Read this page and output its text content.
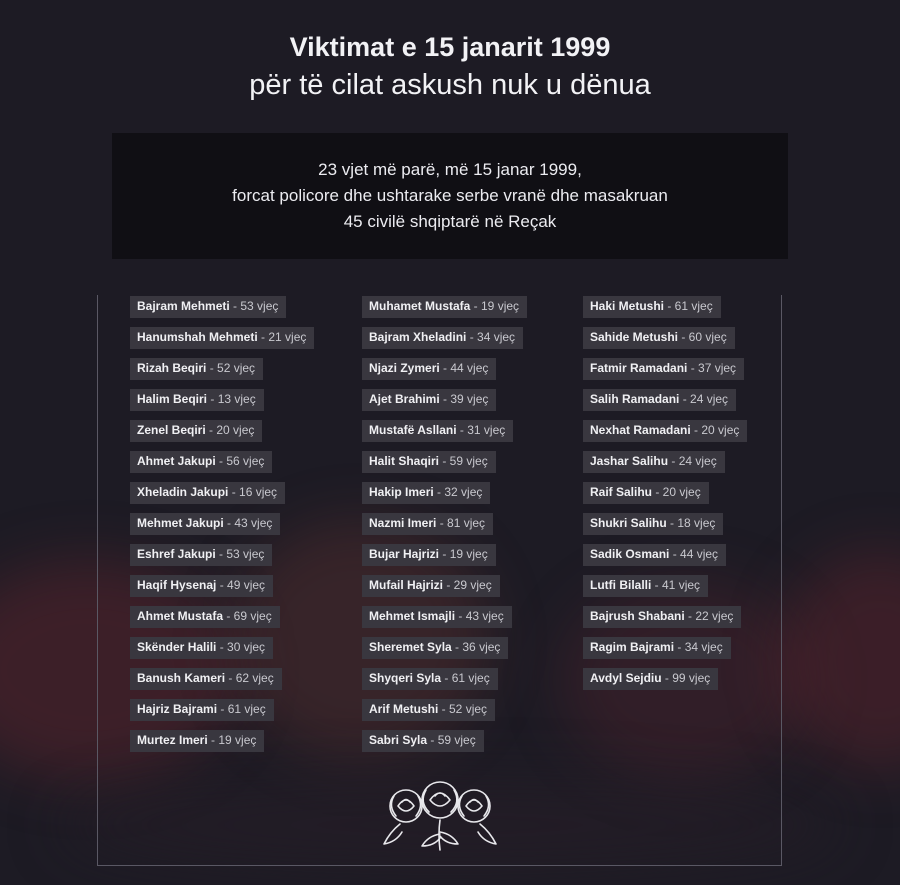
Viktimat e 15 janarit 1999
për të cilat askush nuk u dënua
23 vjet më parë, më 15 janar 1999,
forcat policore dhe ushtarake serbe vranë dhe masakruan
45 civilë shqiptarë në Reçak
Bajram Mehmeti - 53 vjeç
Hanumshah Mehmeti - 21 vjeç
Rizah Beqiri - 52 vjeç
Halim Beqiri - 13 vjeç
Zenel Beqiri - 20 vjeç
Ahmet Jakupi - 56 vjeç
Xheladin Jakupi - 16 vjeç
Mehmet Jakupi - 43 vjeç
Eshref Jakupi - 53 vjeç
Haqif Hysenaj - 49 vjeç
Ahmet Mustafa - 69 vjeç
Skënder Halili - 30 vjeç
Banush Kameri - 62 vjeç
Hajriz Bajrami - 61 vjeç
Murtez Imeri - 19 vjeç
Muhamet Mustafa - 19 vjeç
Bajram Xheladini - 34 vjeç
Njazi Zymeri - 44 vjeç
Ajet Brahimi - 39 vjeç
Mustafë Asllani - 31 vjeç
Halit Shaqiri - 59 vjeç
Hakip Imeri - 32 vjeç
Nazmi Imeri - 81 vjeç
Bujar Hajrizi - 19 vjeç
Mufail Hajrizi - 29 vjeç
Mehmet Ismajli - 43 vjeç
Sheremet Syla - 36 vjeç
Shyqeri Syla - 61 vjeç
Arif Metushi - 52 vjeç
Sabri Syla - 59 vjeç
Haki Metushi - 61 vjeç
Sahide Metushi - 60 vjeç
Fatmir Ramadani - 37 vjeç
Salih Ramadani - 24 vjeç
Nexhat Ramadani - 20 vjeç
Jashar Salihu - 24 vjeç
Raif Salihu - 20 vjeç
Shukri Salihu - 18 vjeç
Sadik Osmani - 44 vjeç
Lutfi Bilalli - 41 vjeç
Bajrush Shabani - 22 vjeç
Ragim Bajrami - 34 vjeç
Avdyl Sejdiu - 99 vjeç
